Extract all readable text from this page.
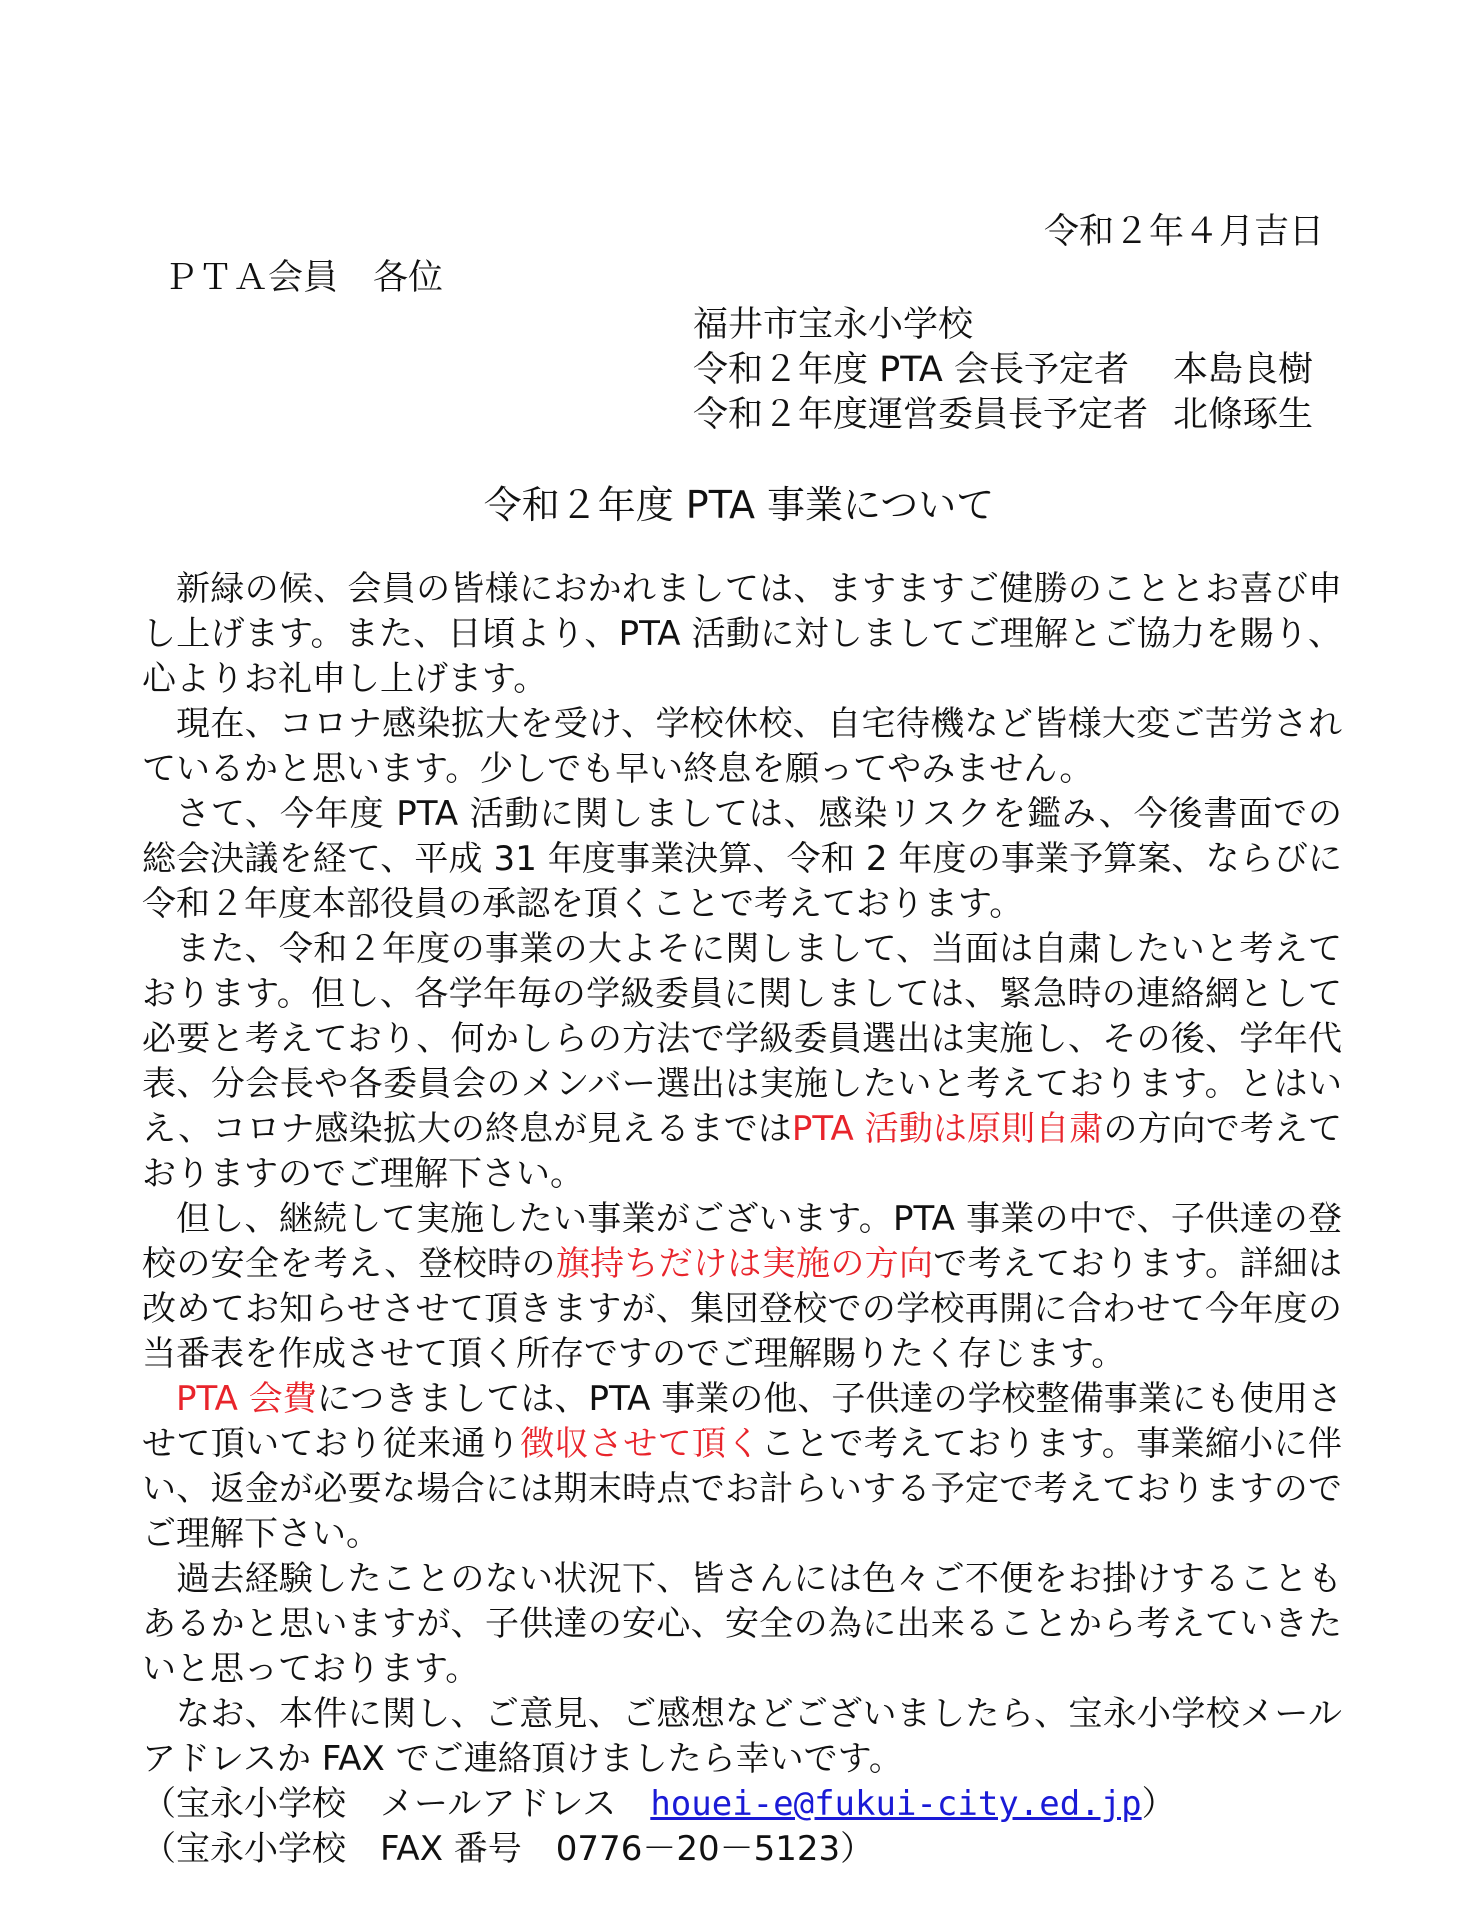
令和２年４月吉日
ＰＴＡ会員　各位
福井市宝永小学校
令和２年度 PTA 会長予定者 本島良樹
令和２年度運営委員長予定者 北條琢生
令和２年度 PTA 事業について

新緑の候、会員の皆様におかれましては、ますますご健勝のこととお喜び申し上げます。また、日頃より、PTA 活動に対しましてご理解とご協力を賜り、心よりお礼申し上げます。

現在、コロナ感染拡大を受け、学校休校、自宅待機など皆様大変ご苦労されているかと思います。少しでも早い終息を願ってやみません。

さて、今年度 PTA 活動に関しましては、感染リスクを鑑み、今後書面での総会決議を経て、平成 31 年度事業決算、令和 2 年度の事業予算案、ならびに令和２年度本部役員の承認を頂くことで考えております。

また、令和２年度の事業の大よそに関しまして、当面は自粛したいと考えております。但し、各学年毎の学級委員に関しましては、緊急時の連絡網として必要と考えており、何かしらの方法で学級委員選出は実施し、その後、学年代表、分会長や各委員会のメンバー選出は実施したいと考えております。とはいえ、コロナ感染拡大の終息が見えるまではPTA 活動は原則自粛の方向で考えておりますのでご理解下さい。

但し、継続して実施したい事業がございます。PTA 事業の中で、子供達の登校の安全を考え、登校時の旗持ちだけは実施の方向で考えております。詳細は改めてお知らせさせて頂きますが、集団登校での学校再開に合わせて今年度の当番表を作成させて頂く所存ですのでご理解賜りたく存じます。

PTA 会費につきましては、PTA 事業の他、子供達の学校整備事業にも使用させて頂いており従来通り徴収させて頂くことで考えております。事業縮小に伴い、返金が必要な場合には期末時点でお計らいする予定で考えておりますのでご理解下さい。

過去経験したことのない状況下、皆さんには色々ご不便をお掛けすることもあるかと思いますが、子供達の安心、安全の為に出来ることから考えていきたいと思っております。

なお、本件に関し、ご意見、ご感想などございましたら、宝永小学校メールアドレスか FAX でご連絡頂けましたら幸いです。

（宝永小学校　メールアドレス　houei-e@fukui-city.ed.jp）
（宝永小学校　FAX 番号　0776－20－5123）
